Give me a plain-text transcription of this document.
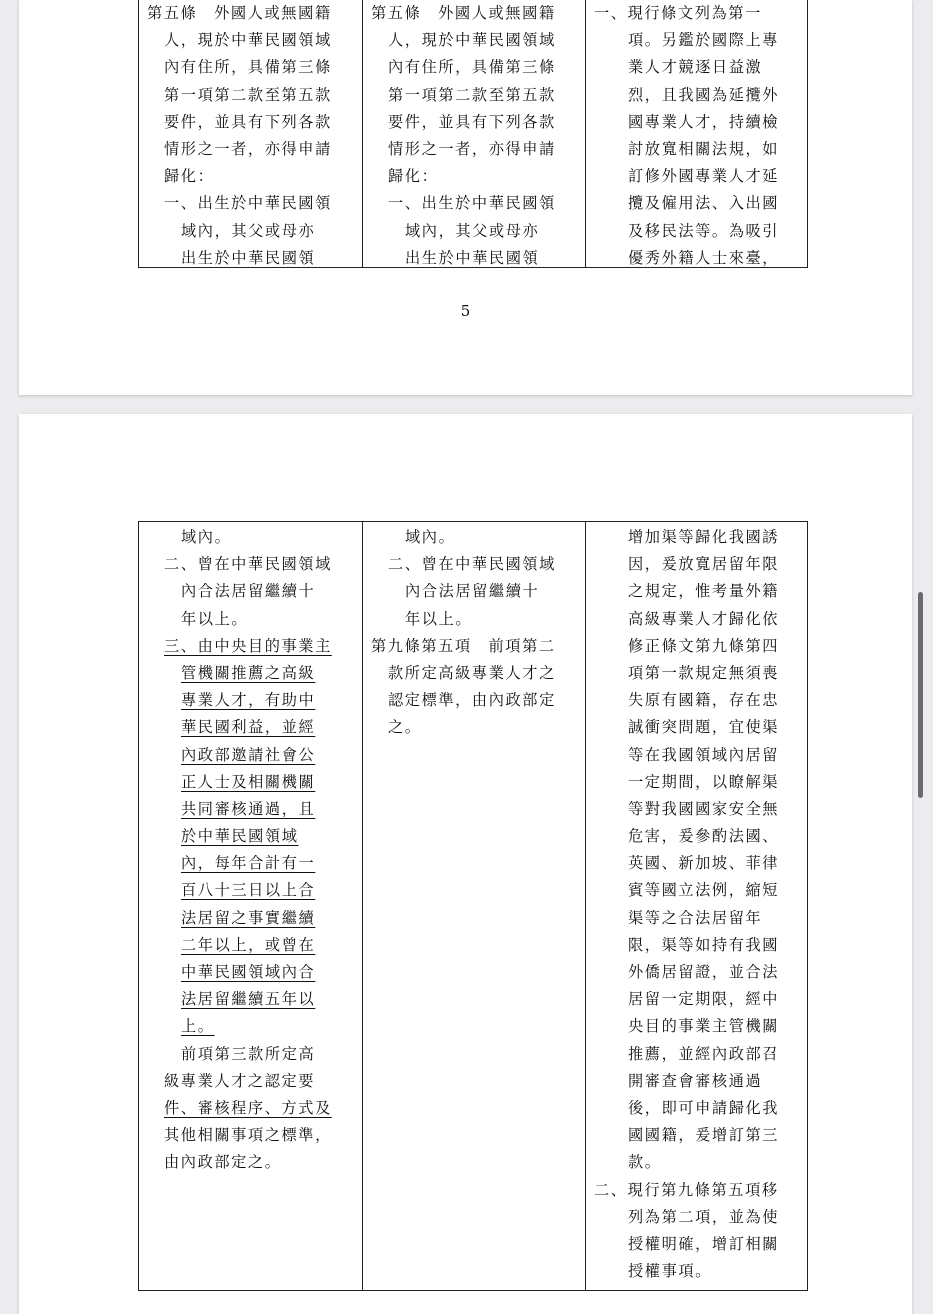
第五條　外國人或無國籍
人，現於中華民國領域
內有住所，具備第三條
第一項第二款至第五款
要件，並具有下列各款
情形之一者，亦得申請
歸化：
一、出生於中華民國領
域內，其父或母亦
出生於中華民國領
第五條　外國人或無國籍
人，現於中華民國領域
內有住所，具備第三條
第一項第二款至第五款
要件，並具有下列各款
情形之一者，亦得申請
歸化：
一、出生於中華民國領
域內，其父或母亦
出生於中華民國領
一、現行條文列為第一
項。另鑑於國際上專
業人才競逐日益激
烈，且我國為延攬外
國專業人才，持續檢
討放寬相關法規，如
訂修外國專業人才延
攬及僱用法、入出國
及移民法等。為吸引
優秀外籍人士來臺，
5
域內。
二、曾在中華民國領域
內合法居留繼續十
年以上。
三、由中央目的事業主
管機關推薦之高級
專業人才，有助中
華民國利益，並經
內政部邀請社會公
正人士及相關機關
共同審核通過，且
於中華民國領域
內，每年合計有一
百八十三日以上合
法居留之事實繼續
二年以上，或曾在
中華民國領域內合
法居留繼續五年以
上。
前項第三款所定高
級專業人才之認定要
件、審核程序、方式及
其他相關事項之標準，
由內政部定之。
域內。
二、曾在中華民國領域
內合法居留繼續十
年以上。
第九條第五項　前項第二
款所定高級專業人才之
認定標準，由內政部定
之。
增加渠等歸化我國誘
因，爰放寬居留年限
之規定，惟考量外籍
高級專業人才歸化依
修正條文第九條第四
項第一款規定無須喪
失原有國籍，存在忠
誠衝突問題，宜使渠
等在我國領域內居留
一定期間，以瞭解渠
等對我國國家安全無
危害，爰參酌法國、
英國、新加坡、菲律
賓等國立法例，縮短
渠等之合法居留年
限，渠等如持有我國
外僑居留證，並合法
居留一定期限，經中
央目的事業主管機關
推薦，並經內政部召
開審查會審核通過
後，即可申請歸化我
國國籍，爰增訂第三
款。
二、現行第九條第五項移
列為第二項，並為使
授權明確，增訂相關
授權事項。
